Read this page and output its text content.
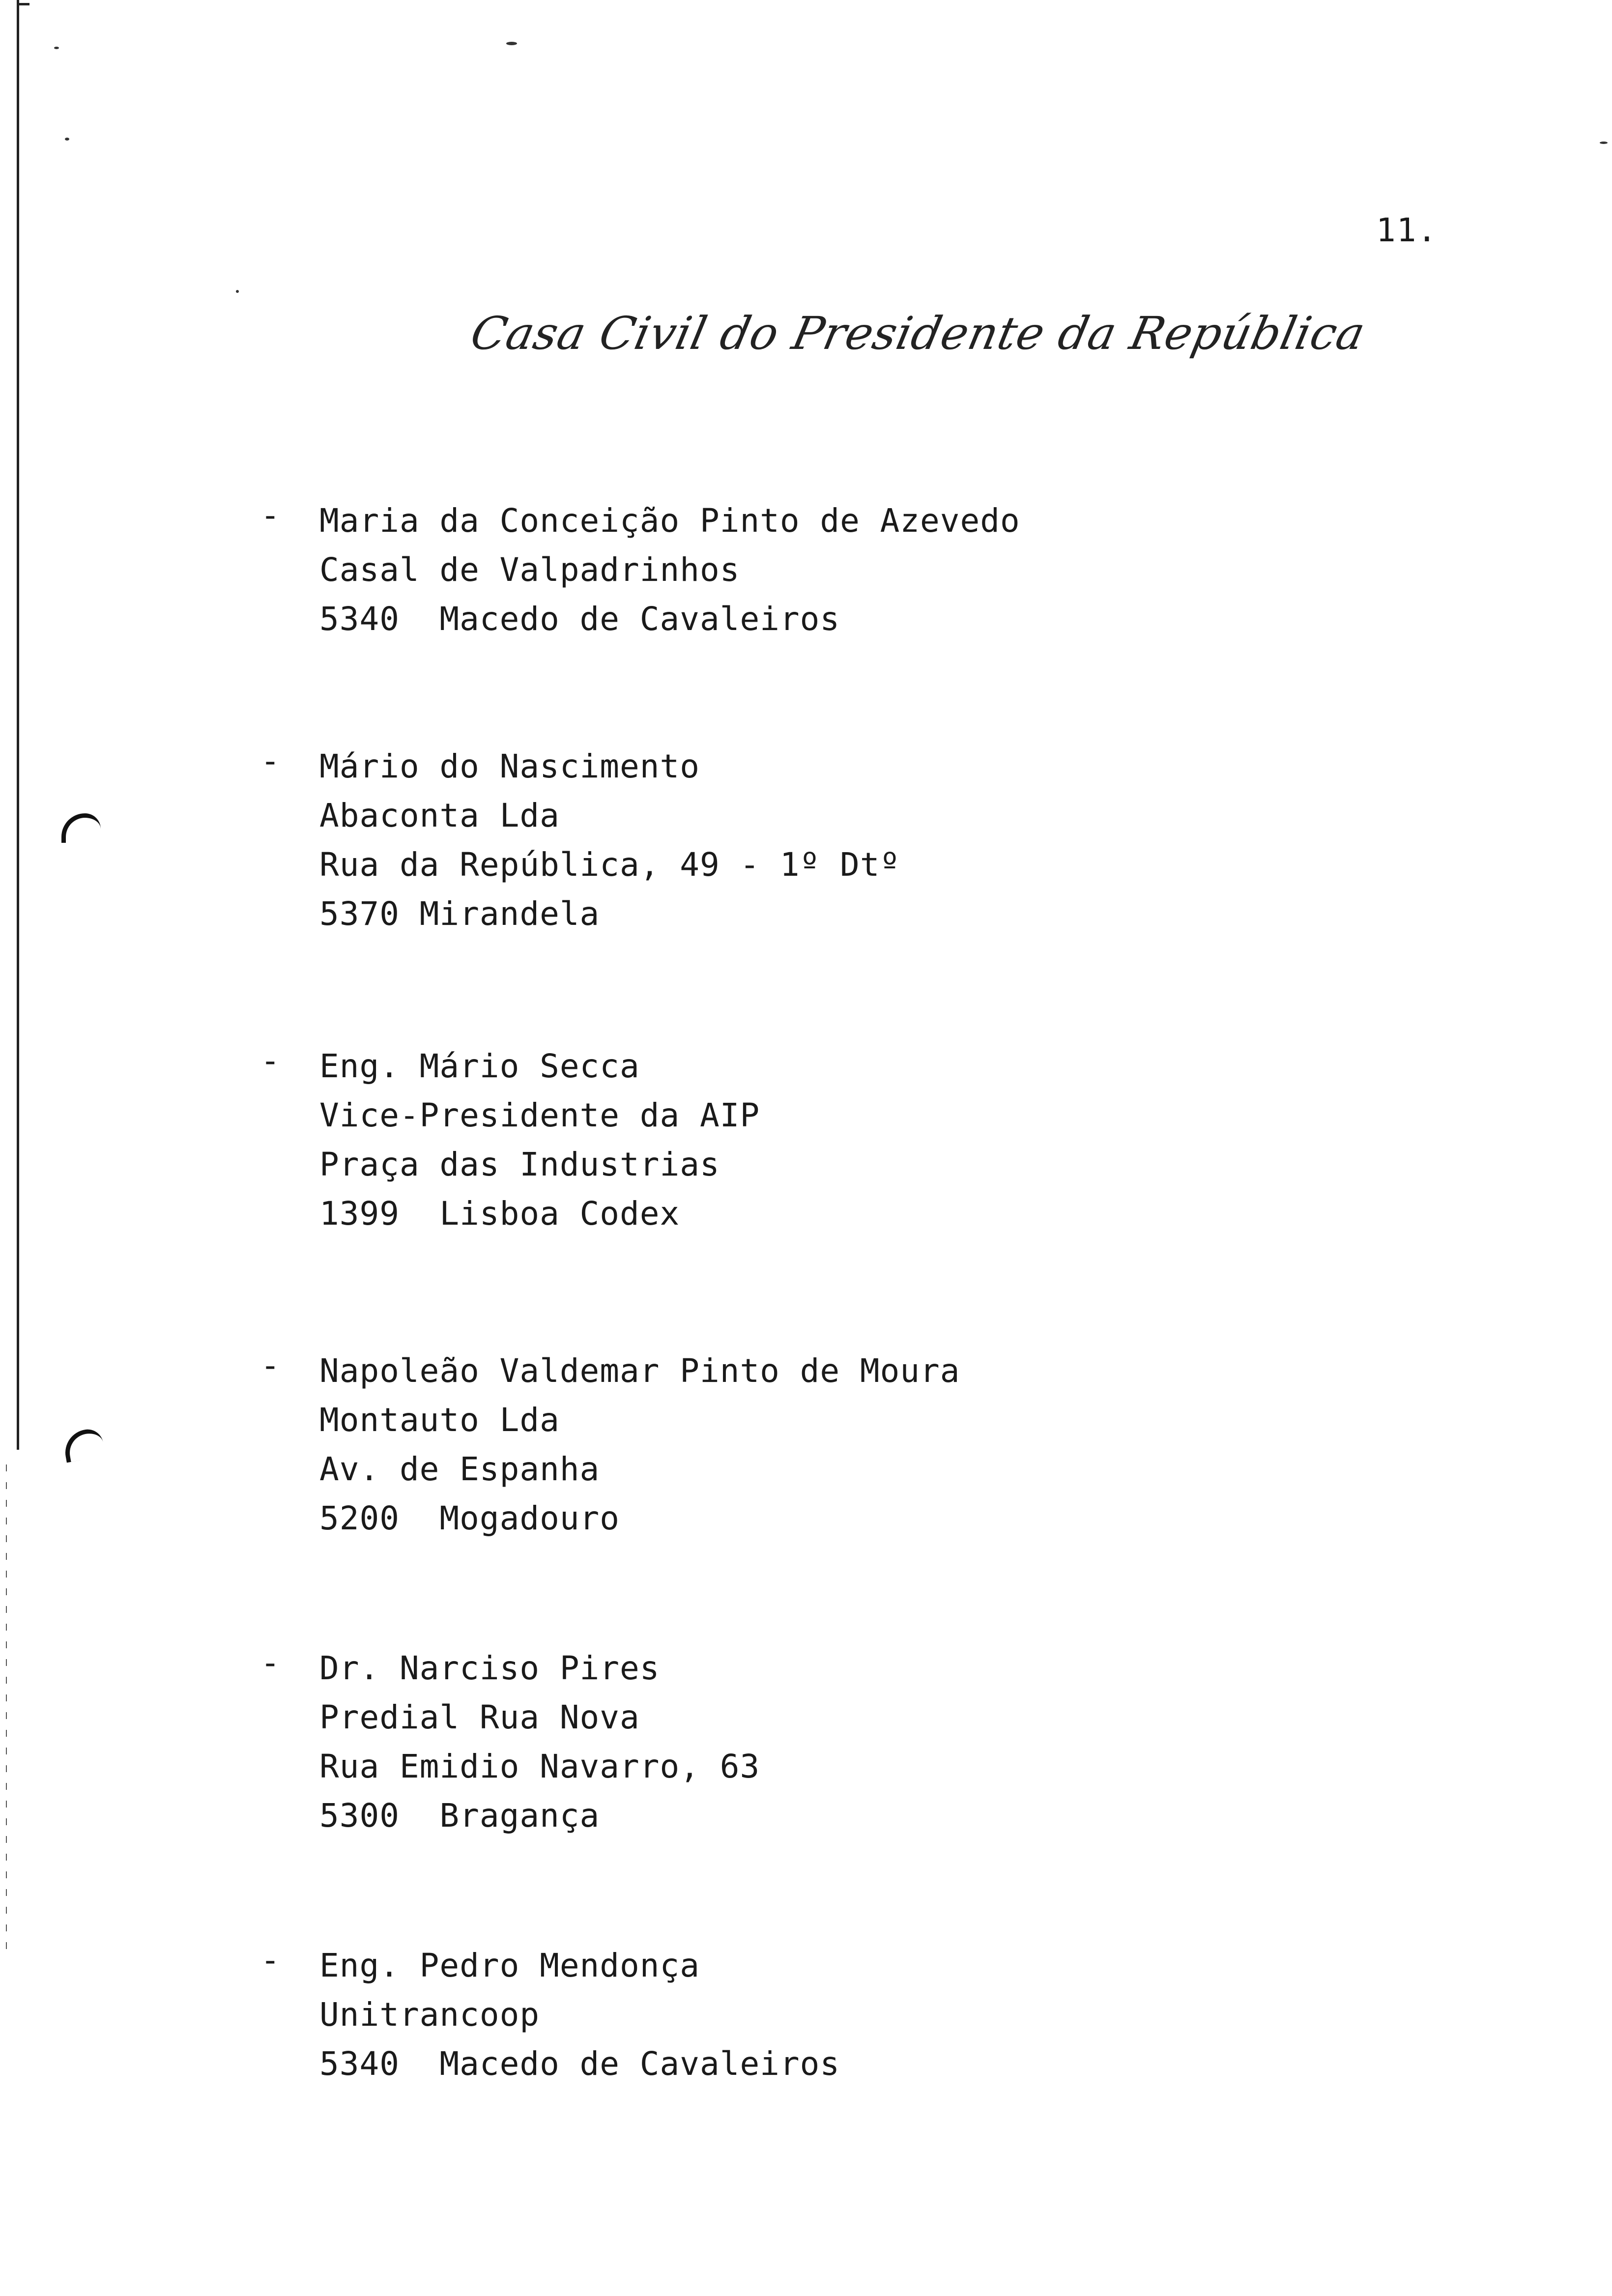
11.
Casa Civil do Presidente da República
- Maria da Conceição Pinto de Azevedo
Casal de Valpadrinhos
5340  Macedo de Cavaleiros
- Mário do Nascimento
Abaconta Lda
Rua da República, 49 - 1º Dtº
5370 Mirandela
- Eng. Mário Secca
Vice-Presidente da AIP
Praça das Industrias
1399  Lisboa Codex
- Napoleão Valdemar Pinto de Moura
Montauto Lda
Av. de Espanha
5200  Mogadouro
- Dr. Narciso Pires
Predial Rua Nova
Rua Emidio Navarro, 63
5300  Bragança
- Eng. Pedro Mendonça
Unitrancoop
5340  Macedo de Cavaleiros
